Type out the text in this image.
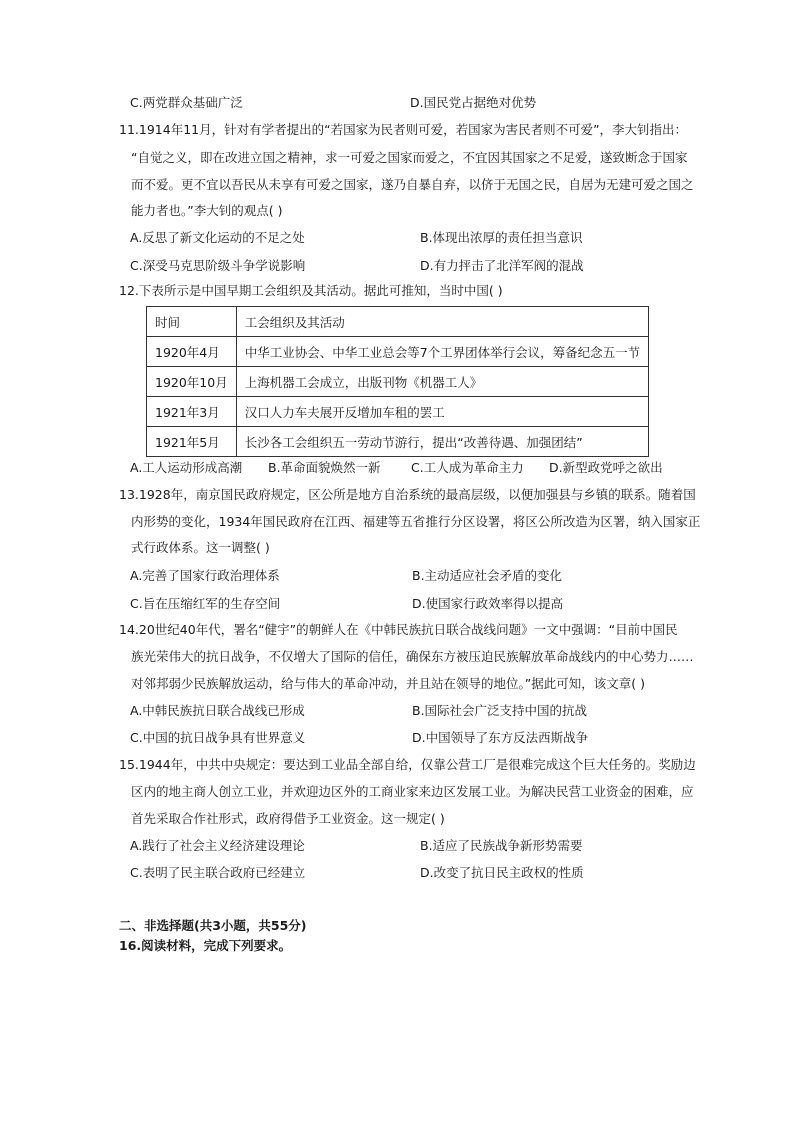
C.两党群众基础广泛	D.国民党占据绝对优势
11.1914年11月，针对有学者提出的“若国家为民者则可爱，若国家为害民者则不可爱”，李大钊指出：
“自觉之义，即在改进立国之精神，求一可爱之国家而爱之，不宜因其国家之不足爱，遂致断念于国家
而不爱。更不宜以吾民从未享有可爱之国家，遂乃自暴自弃，以侪于无国之民，自居为无建可爱之国之
能力者也。”李大钊的观点( )
A.反思了新文化运动的不足之处	B.体现出浓厚的责任担当意识
C.深受马克思阶级斗争学说影响	D.有力抨击了北洋军阀的混战
12.下表所示是中国早期工会组织及其活动。据此可推知，当时中国( )
时间	工会组织及其活动
1920年4月	中华工业协会、中华工业总会等7个工界团体举行会议，筹备纪念五一节
1920年10月	上海机器工会成立，出版刊物《机器工人》
1921年3月	汉口人力车夫展开反增加车租的罢工
1921年5月	长沙各工会组织五一劳动节游行，提出“改善待遇、加强团结”
A.工人运动形成高潮 B.革命面貌焕然一新 C.工人成为革命主力 D.新型政党呼之欲出
13.1928年，南京国民政府规定，区公所是地方自治系统的最高层级，以便加强县与乡镇的联系。随着国
内形势的变化，1934年国民政府在江西、福建等五省推行分区设署，将区公所改造为区署，纳入国家正
式行政体系。这一调整( )
A.完善了国家行政治理体系	B.主动适应社会矛盾的变化
C.旨在压缩红军的生存空间	D.使国家行政效率得以提高
14.20世纪40年代，署名“健宇”的朝鲜人在《中韩民族抗日联合战线问题》一文中强调：“目前中国民
族光荣伟大的抗日战争，不仅增大了国际的信任，确保东方被压迫民族解放革命战线内的中心势力……
对邻邦弱少民族解放运动，给与伟大的革命冲动，并且站在领导的地位。”据此可知，该文章( )
A.中韩民族抗日联合战线已形成	B.国际社会广泛支持中国的抗战
C.中国的抗日战争具有世界意义	D.中国领导了东方反法西斯战争
15.1944年，中共中央规定：要达到工业品全部自给，仅靠公营工厂是很难完成这个巨大任务的。奖励边
区内的地主商人创立工业，并欢迎边区外的工商业家来边区发展工业。为解决民营工业资金的困难，应
首先采取合作社形式，政府得借予工业资金。这一规定( )
A.践行了社会主义经济建设理论	B.适应了民族战争新形势需要
C.表明了民主联合政府已经建立	D.改变了抗日民主政权的性质
二、非选择题(共3小题，共55分)
16.阅读材料，完成下列要求。
